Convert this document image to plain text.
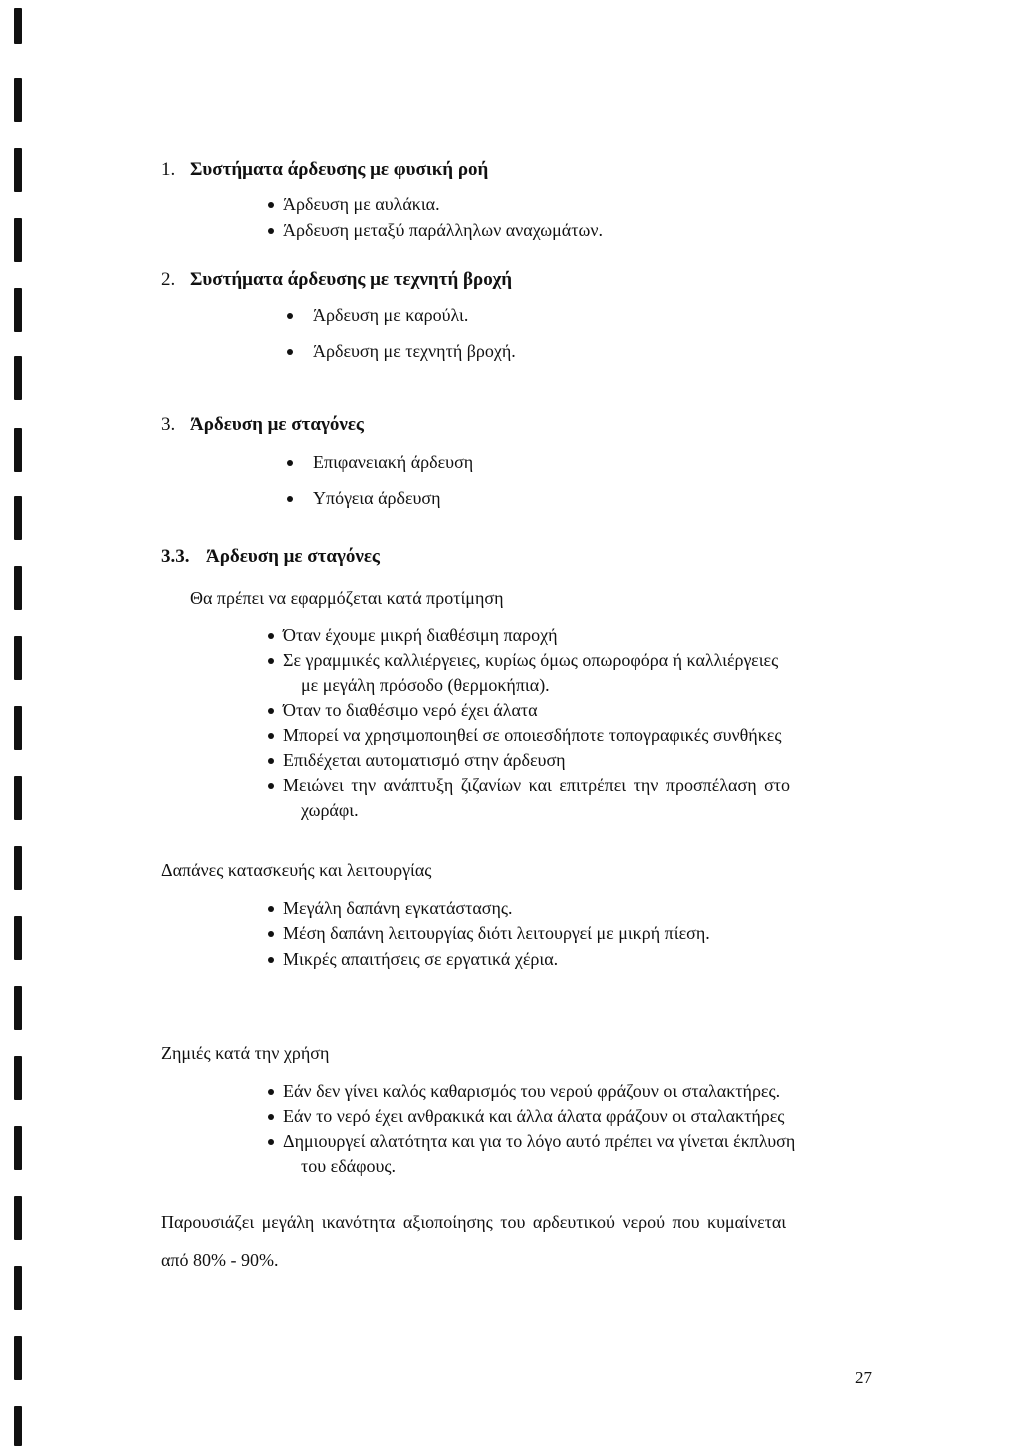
1. Συστήματα άρδευσης με φυσική ροή
Άρδευση με αυλάκια.
Άρδευση μεταξύ παράλληλων αναχωμάτων.
2. Συστήματα άρδευσης με τεχνητή βροχή
Άρδευση με καρούλι.
Άρδευση με τεχνητή βροχή.
3. Άρδευση με σταγόνες
Επιφανειακή άρδευση
Υπόγεια άρδευση
3.3. Άρδευση με σταγόνες
Θα πρέπει να εφαρμόζεται κατά προτίμηση
Όταν έχουμε μικρή διαθέσιμη παροχή
Σε γραμμικές καλλιέργειες, κυρίως όμως οπωροφόρα ή καλλιέργειες
με μεγάλη πρόσοδο (θερμοκήπια).
Όταν το διαθέσιμο νερό έχει άλατα
Μπορεί να χρησιμοποιηθεί σε οποιεσδήποτε τοπογραφικές συνθήκες
Επιδέχεται αυτοματισμό στην άρδευση
Μειώνει την ανάπτυξη ζιζανίων και επιτρέπει την προσπέλαση στο
χωράφι.
Δαπάνες κατασκευής και λειτουργίας
Μεγάλη δαπάνη εγκατάστασης.
Μέση δαπάνη λειτουργίας διότι λειτουργεί με μικρή πίεση.
Μικρές απαιτήσεις σε εργατικά χέρια.
Ζημιές κατά την χρήση
Εάν δεν γίνει καλός καθαρισμός του νερού φράζουν οι σταλακτήρες.
Εάν το νερό έχει ανθρακικά και άλλα άλατα φράζουν οι σταλακτήρες
Δημιουργεί αλατότητα και για το λόγο αυτό πρέπει να γίνεται έκπλυση
του εδάφους.
Παρουσιάζει μεγάλη ικανότητα αξιοποίησης του αρδευτικού νερού που κυμαίνεται
από 80% - 90%.
27
